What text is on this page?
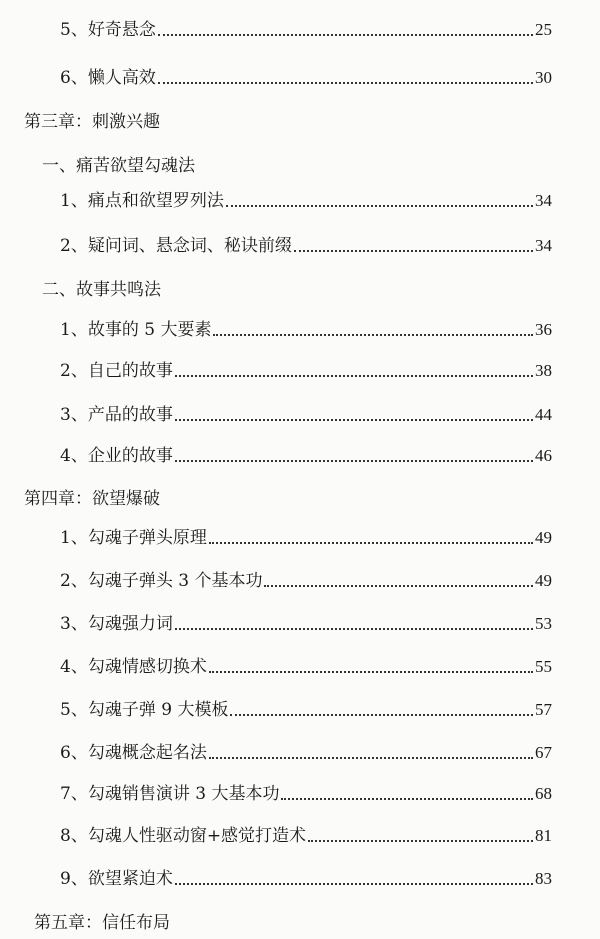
5、好奇悬念	25
6、懒人高效	30
第三章：刺激兴趣
一、痛苦欲望勾魂法
1、痛点和欲望罗列法	34
2、疑问词、悬念词、秘诀前缀	34
二、故事共鸣法
1、故事的 5 大要素	36
2、自己的故事	38
3、产品的故事	44
4、企业的故事	46
第四章：欲望爆破
1、勾魂子弹头原理	49
2、勾魂子弹头 3 个基本功	49
3、勾魂强力词	53
4、勾魂情感切换术	55
5、勾魂子弹 9 大模板	57
6、勾魂概念起名法	67
7、勾魂销售演讲 3 大基本功	68
8、勾魂人性驱动窗+感觉打造术	81
9、欲望紧迫术	83
第五章：信任布局
